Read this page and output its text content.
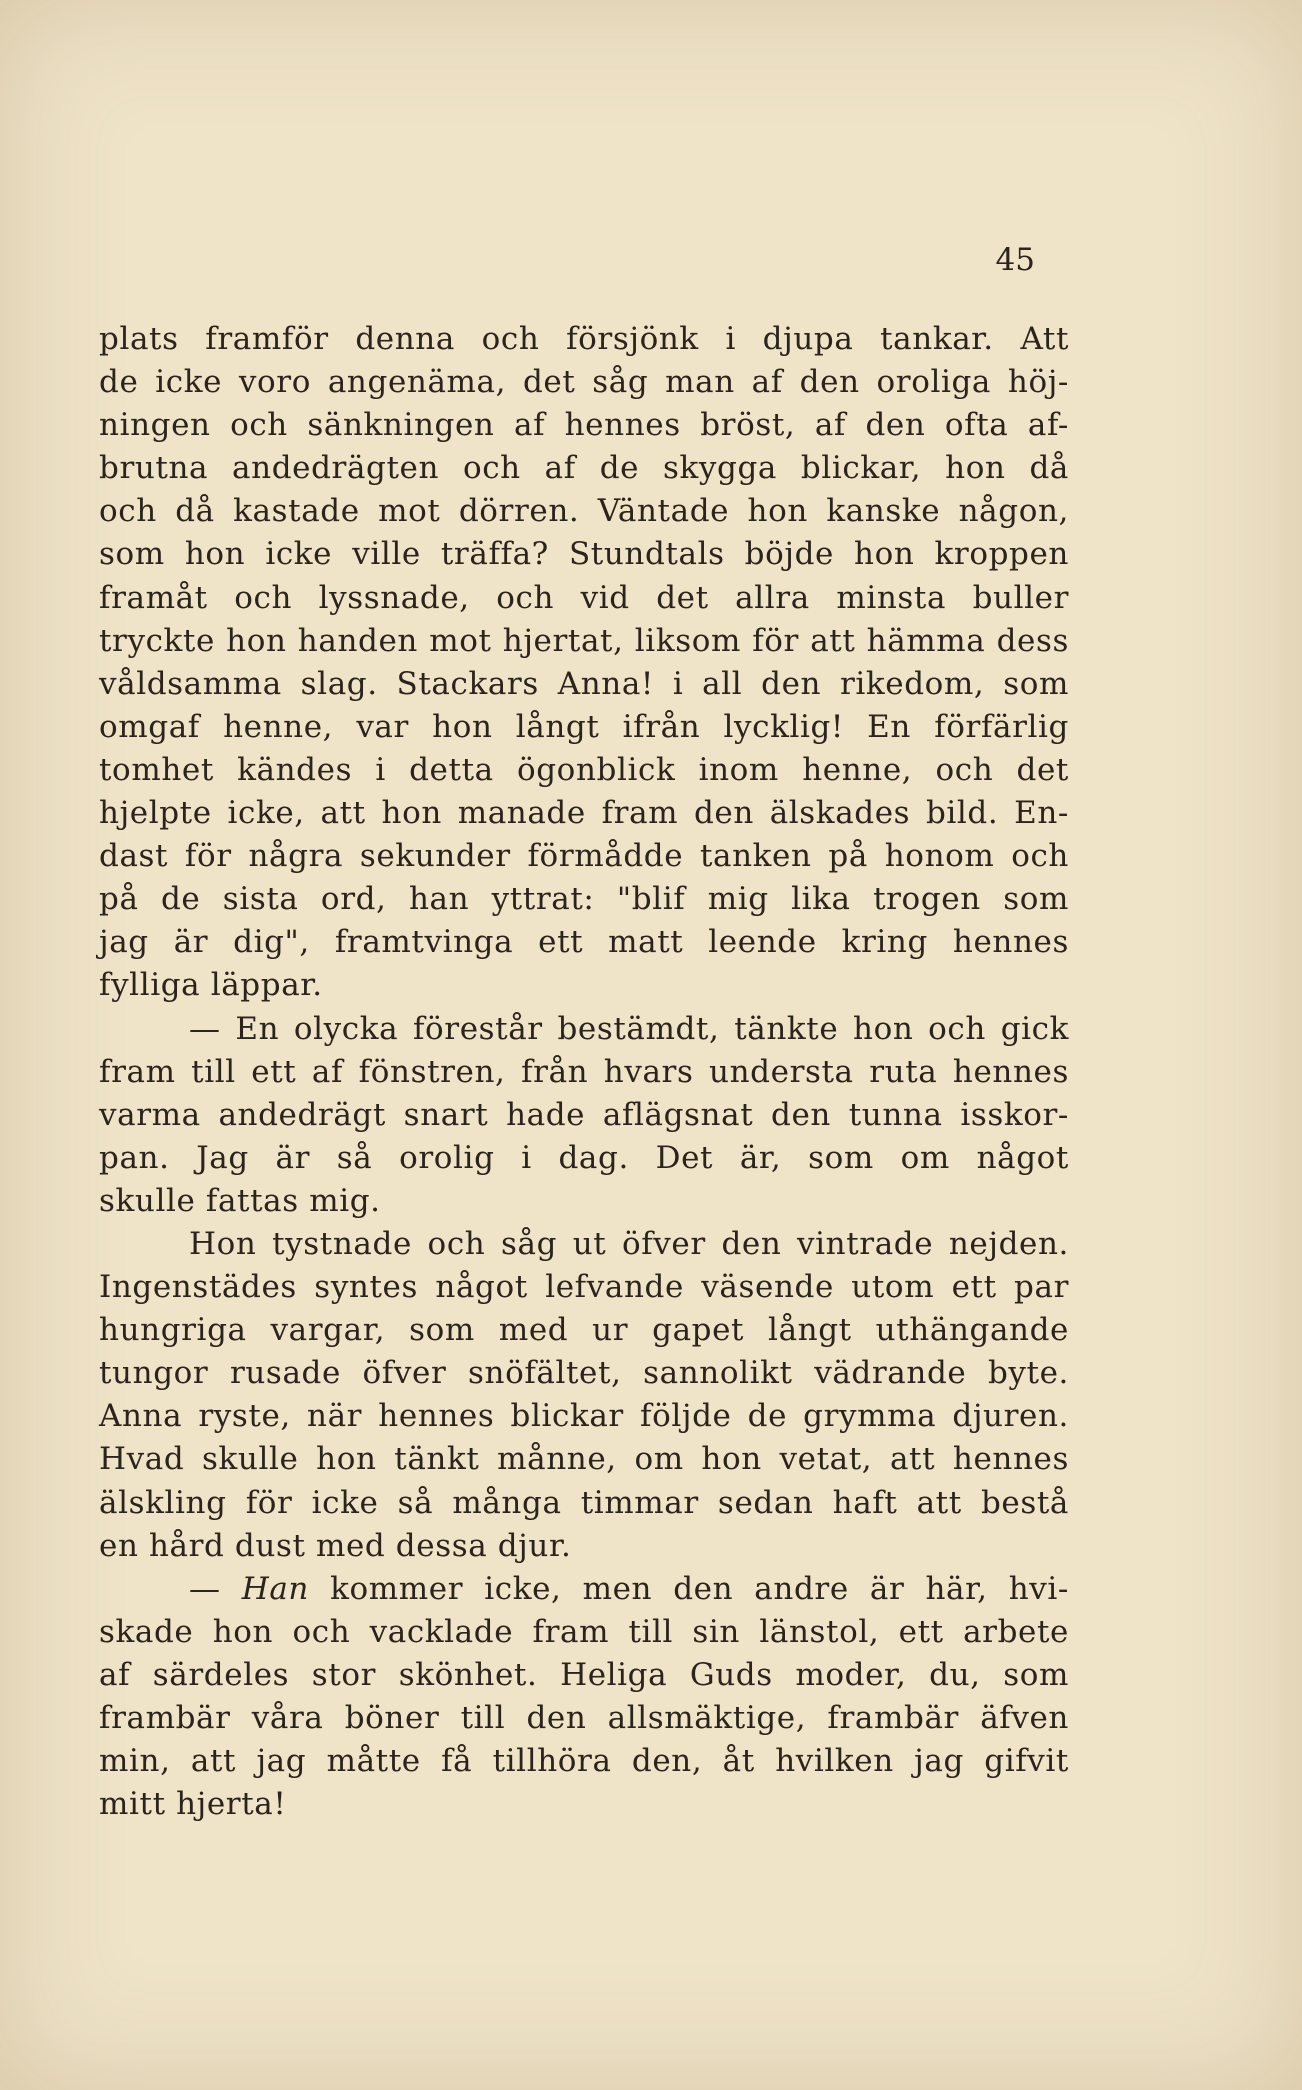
45
plats framför denna och försjönk i djupa tankar. Att
de icke voro angenäma, det såg man af den oroliga höj-
ningen och sänkningen af hennes bröst, af den ofta af-
brutna andedrägten och af de skygga blickar, hon då
och då kastade mot dörren. Väntade hon kanske någon,
som hon icke ville träffa? Stundtals böjde hon kroppen
framåt och lyssnade, och vid det allra minsta buller
tryckte hon handen mot hjertat, liksom för att hämma dess
våldsamma slag. Stackars Anna! i all den rikedom, som
omgaf henne, var hon långt ifrån lycklig! En förfärlig
tomhet kändes i detta ögonblick inom henne, och det
hjelpte icke, att hon manade fram den älskades bild. En-
dast för några sekunder förmådde tanken på honom och
på de sista ord, han yttrat: "blif mig lika trogen som
jag är dig", framtvinga ett matt leende kring hennes
fylliga läppar.
— En olycka förestår bestämdt, tänkte hon och gick
fram till ett af fönstren, från hvars understa ruta hennes
varma andedrägt snart hade aflägsnat den tunna isskor-
pan. Jag är så orolig i dag. Det är, som om något
skulle fattas mig.
Hon tystnade och såg ut öfver den vintrade nejden.
Ingenstädes syntes något lefvande väsende utom ett par
hungriga vargar, som med ur gapet långt uthängande
tungor rusade öfver snöfältet, sannolikt vädrande byte.
Anna ryste, när hennes blickar följde de grymma djuren.
Hvad skulle hon tänkt månne, om hon vetat, att hennes
älskling för icke så många timmar sedan haft att bestå
en hård dust med dessa djur.
— Han kommer icke, men den andre är här, hvi-
skade hon och vacklade fram till sin länstol, ett arbete
af särdeles stor skönhet. Heliga Guds moder, du, som
frambär våra böner till den allsmäktige, frambär äfven
min, att jag måtte få tillhöra den, åt hvilken jag gifvit
mitt hjerta!
